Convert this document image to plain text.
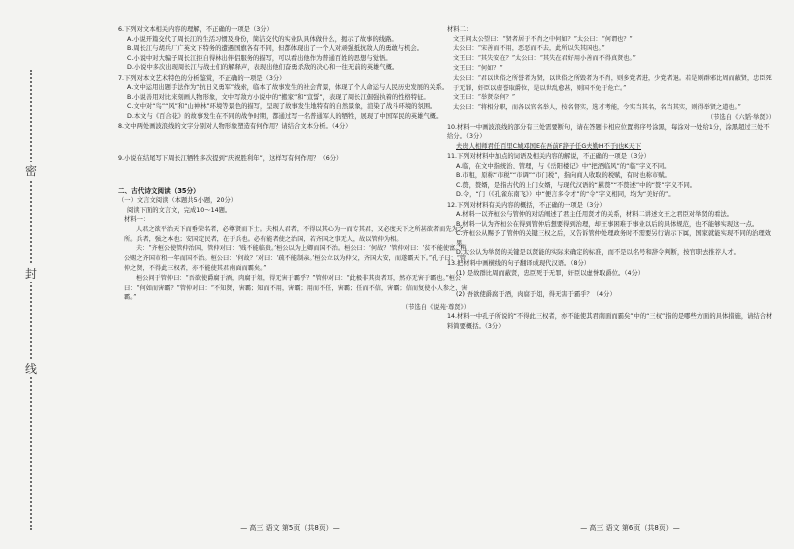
密
封
线
6.下列对文本相关内容的理解，不正确的一项是（3分）
A.小说开篇交代了周长江的生活习惯及身份，简洁交代的实业队具体做什么，揭示了故事的线路。
B.周长江与胡兵厂广英文下特务的遭遇国旗各有不同，但都体现出了一个人对顽强抵抗敌人的勇敢与机会。
C.小说中对大骗子周长江拒自得林出伴侣服务的描写，可以看出他作为普通百姓的思想与觉悟。
D.小说中多次出现周长江与战士们的解释声，表现出他们奋勇杀敌的决心和一往无前的英雄气概。
7.下列对本文艺术特色的分析鉴赏，不正确的一项是（3分）
A.文中运用出题手法作为“抗日义勇军”线索，临本了故事发生的社会背景，体现了个人命运与人民历史发展的关系。
B.小说善用对比来刻画人物形象，文中写敌方小说中的“搬家”和“宣誓”，表现了周长江倔强执着的性格特征。
C.文中对“鸟”“风”和“山神林”环境等景色的描写，呈现了故事发生地特有的自然景象，渲染了战斗环境的氛围。
D.本文与《百合花》的故事发生在不同的战争时期，都通过写一名普通军人的牺牲，展现了中国军民的英雄气概。
8.文中两处画波浪线的文字分别对人物形象塑造有何作用？请结合文本分析。（4分）
9.小说在结尾写下周长江牺牲多次提到“庆祝胜利年”，这样写有何作用？（6分）
二、古代诗文阅读（35分）
（一）文言文阅读（本题共5小题，20分）
阅读下面的文言文，完成10～14题。
材料一：
人君之欲平治天下而垂荣名者，必尊贤而下士。夫相人君者，不得以其心为一而专其君，又必度天下之所甚欲者而先为之所。兵者，强之本也；安国定民者，在于兵也。必有能者使之治国，若齐国之事无人，故以管仲为相。
夫：“齐桓公使管仲治国，管仲对曰：‘贱不能临贵。’桓公以为上卿而国不治。桓公曰：‘何故？’管仲对曰：‘贫不能使富。’桓公赐之齐国市租一年而国不治。桓公曰：‘何故？’对曰：‘疏不能制亲。’桓公立以为仲父，齐国大安，而遂霸天下。”孔子曰：“管仲之贤，不得此三权者，亦不能使其君南面而霸矣。”
桓公问于管仲曰：“吾欲使爵腐于酒，肉腐于俎，得无害于霸乎？”管仲对曰：“此极非其贵者耳，然亦无害于霸也。”桓公曰：“何如而害霸？”管仲对曰：“不知贤，害霸；知而不用，害霸；用而不任，害霸；任而不信，害霸；信而复使小人参之，害霸。”
（节选自《说苑·尊贤》）
材料二：
文王问太公望曰：“贤者居于不肖之中何如？”太公曰：“何谓也？”
太公曰：“宋善而不用，恶恶而不去，此所以失其国也。”
文王曰：“其失安在？”太公曰：“其失在君好用小善而不得真贤也。”
文王曰：“何如？”
太公曰：“君以世俗之所誉者为贤，以世俗之所毁者为不肖，则多党者进，少党者退。若是则群邪比周而蔽贤，忠臣死于无罪，奸臣以虚誉取爵位，是以世乱愈甚，则国不免于危亡。”
文王曰：“举贤奈何？”
太公曰：“将相分职，而各以官名举人，按名督实，选才考能，令实当其名，名当其实，则得举贤之道也。”
（节选自《六韬·举贤》）
10.材料一中画波浪线的部分有三处需要断句，请在答题卡相应位置将序号涂黑，每涂对一处给1分，涂黑超过三处不给分。（3分）
夫贵人相师君任百里C城邓国E在吾前F辞子任G夫勤H不于J也K天下
11.下列对材料中加点的词语及相关内容的解说，不正确的一项是（3分）
A.临，在文中指统治、管理，与《岳阳楼记》中“把酒临风”的“临”字义不同。
B.市租，原称“市税”“市调”“市门税”，指向商人收取的税赋，有时也称市赋。
C.赘，赘婿，是指古代的上门女婿，与现代汉语的“累赘”“不赘述”中的“赘”字义不同。
D.令，“门（《孔雀东南飞》）中“便言多令才”的“令”字义相同，均为“美好的”。
12.下列对材料有关内容的概括，不正确的一项是（3分）
A.材料一以齐桓公与管仲的对话阐述了君主任用贤才的关系，材料二讲述文王之君臣对举贤的看法。
B.材料一认为齐桓公在得到管仲后想要得到治理，却王事困难于事业以后的具体规范，也不能够实现这一点。
C.齐桓公从赐予了管仲的关键三权之后，又告诉管仲处理政务时不需要另行请示下属，国家就能实现不同的治理效果。
D.太公认为举贤的关键是以贤能的实际来确定的标准，而不是以名号和辞令判断，按官职去推荐人才。
13.把材料中画横线的句子翻译成现代汉语。（8分）
(1) 是故群比周而蔽贤，忠臣死于无罪，奸臣以虚誉取爵位。（4分）
(2) 吾欲使爵腐于酒，肉腐于俎，得无害于霸乎？（4分）
14.材料一中孔子所说的“不得此三权者，亦不能使其君南面而霸矣”中的“三权”指的是哪些方面的具体措施，请结合材料简要概括。（3分）
— 高三 语文 第5页（共8页）—	— 高三 语文 第6页（共8页）—
